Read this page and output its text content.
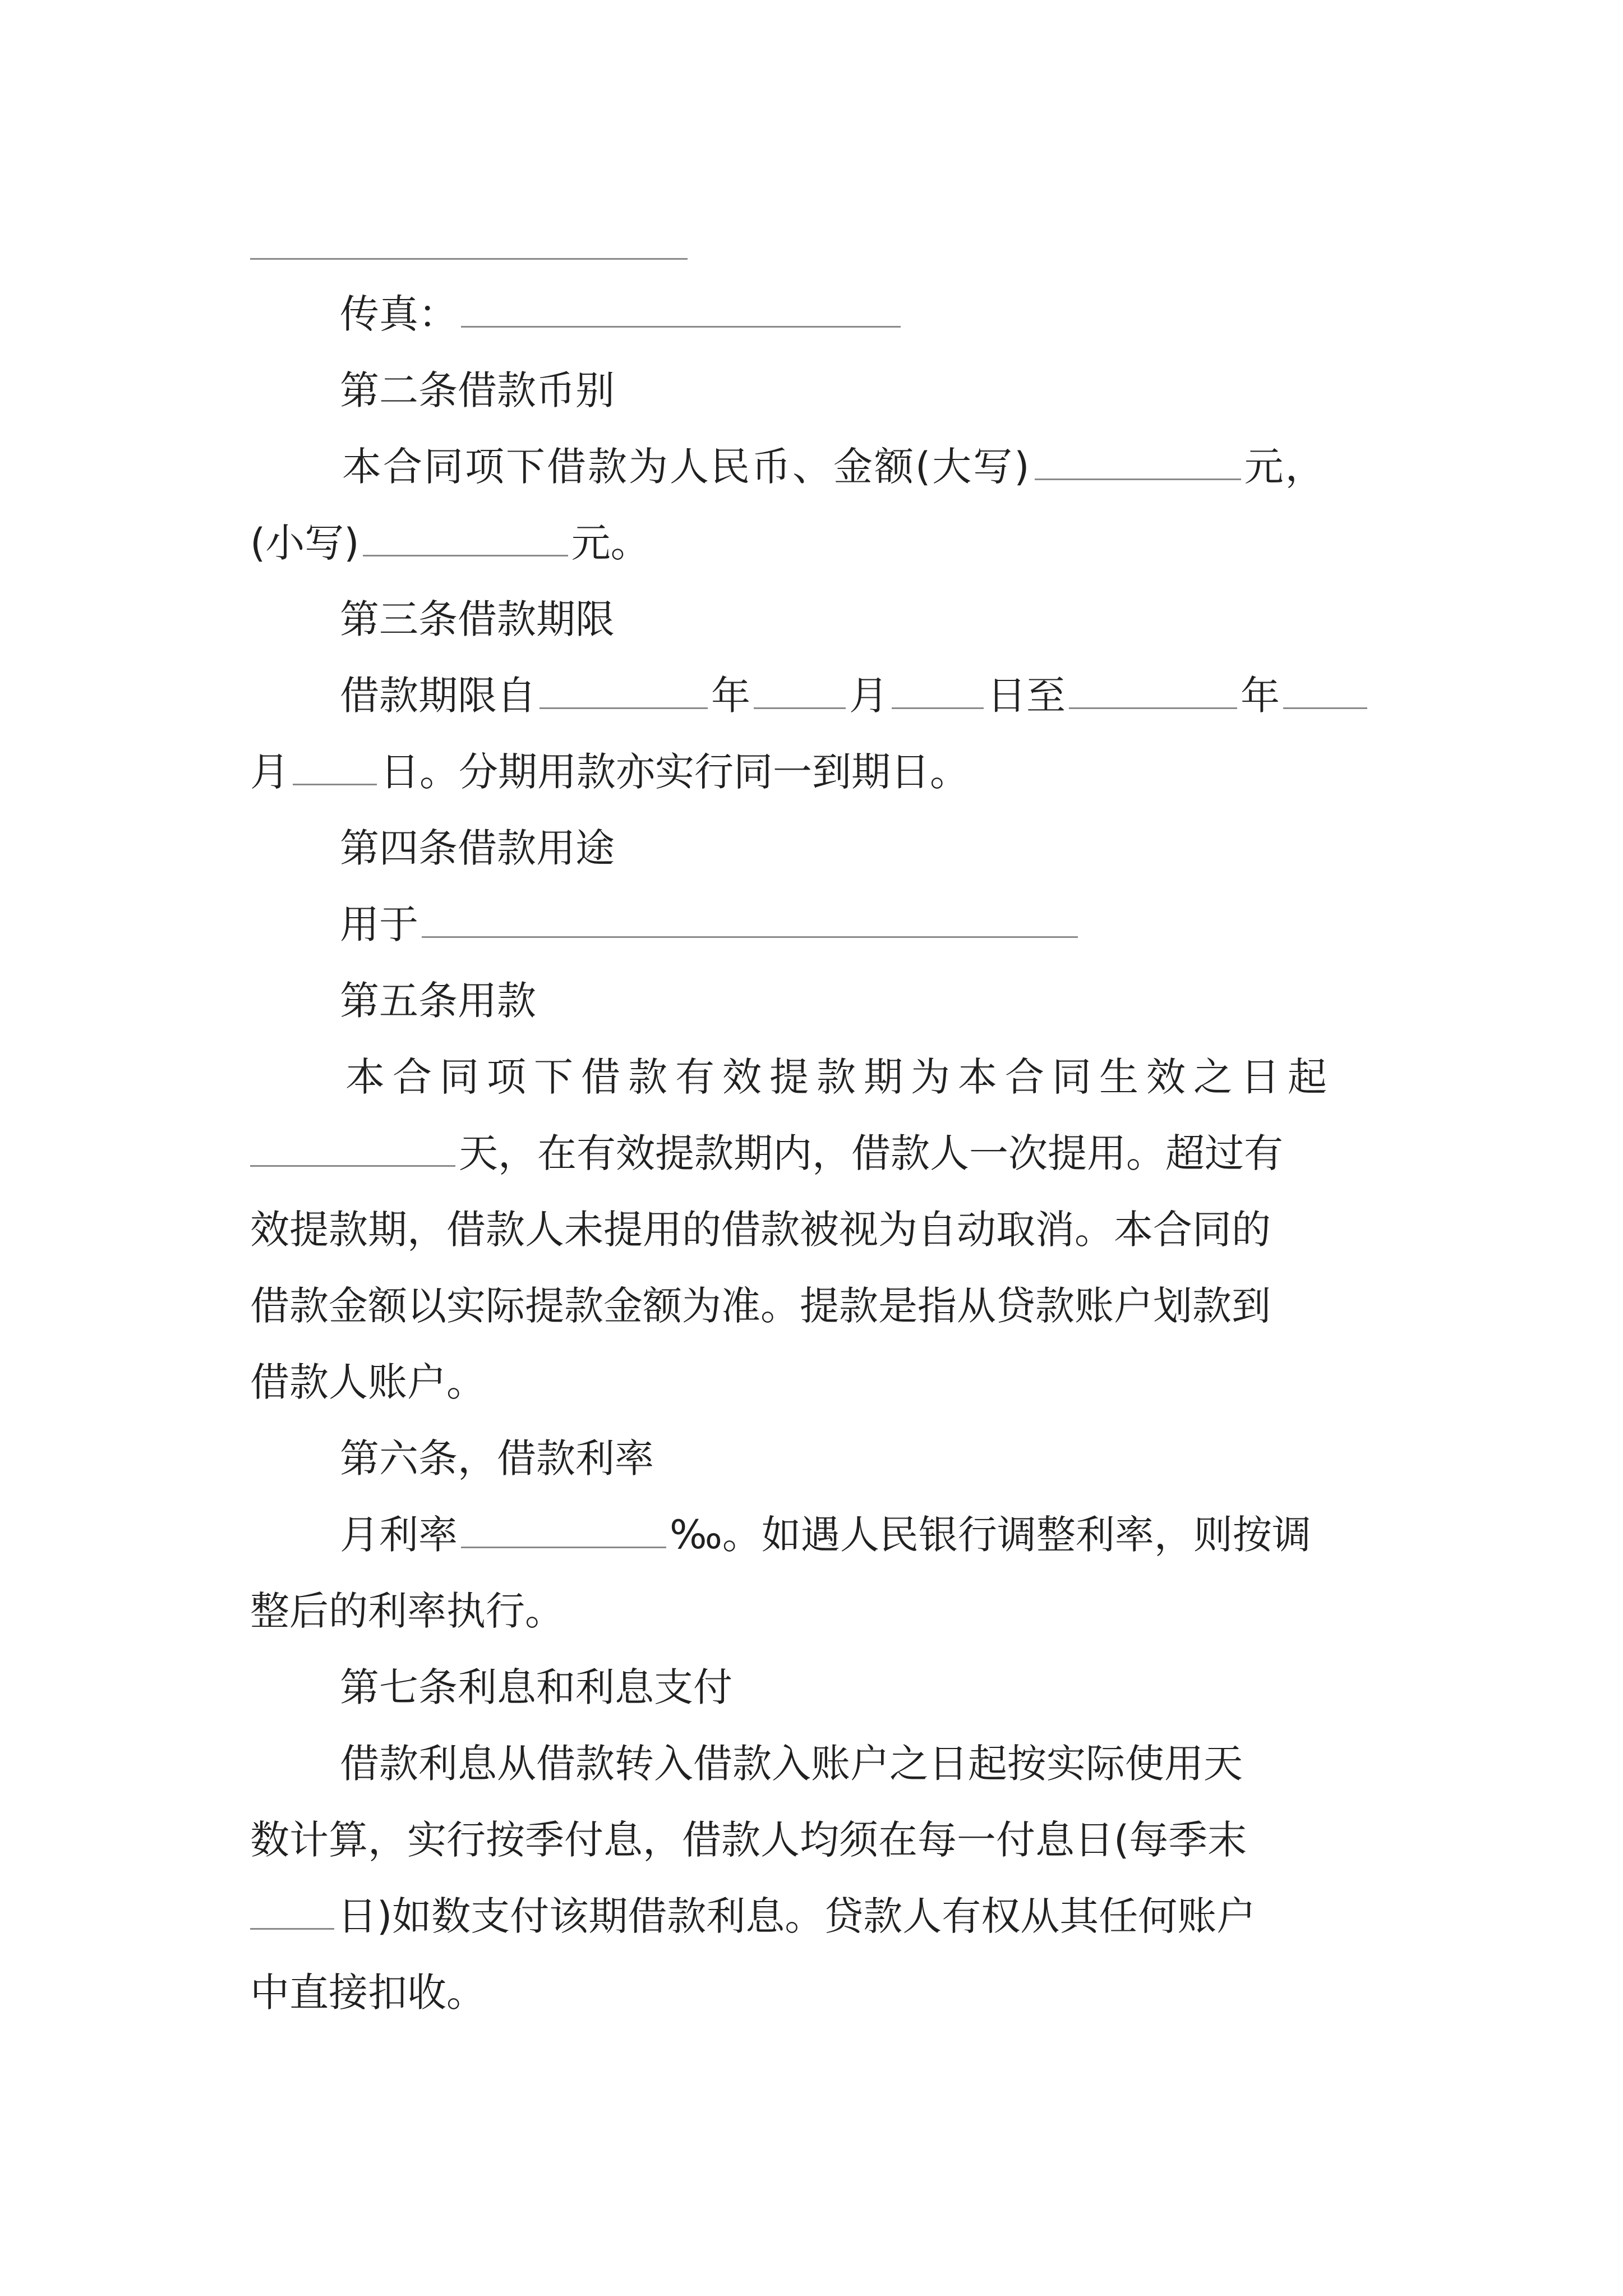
传真：
第二条借款币别
本合同项下借款为人民币、金额(大写)	元，
(小写)	元。
第三条借款期限
借款期限自	年	月	日至	年
月 日。分期用款亦实行同一到期日。
第四条借款用途
用于
第五条用款
本合同项下借款有效提款期为本合同生效之日起
天，在有效提款期内，借款人一次提用。超过有
效提款期，借款人未提用的借款被视为自动取消。本合同的
借款金额以实际提款金额为准。提款是指从贷款账户划款到
借款人账户。
第六条，借款利率
月利率	‰。如遇人民银行调整利率，则按调
整后的利率执行。
第七条利息和利息支付
借款利息从借款转入借款入账户之日起按实际使用天
数计算，实行按季付息，借款人均须在每一付息日(每季末
日)如数支付该期借款利息。贷款人有权从其任何账户
中直接扣收。
